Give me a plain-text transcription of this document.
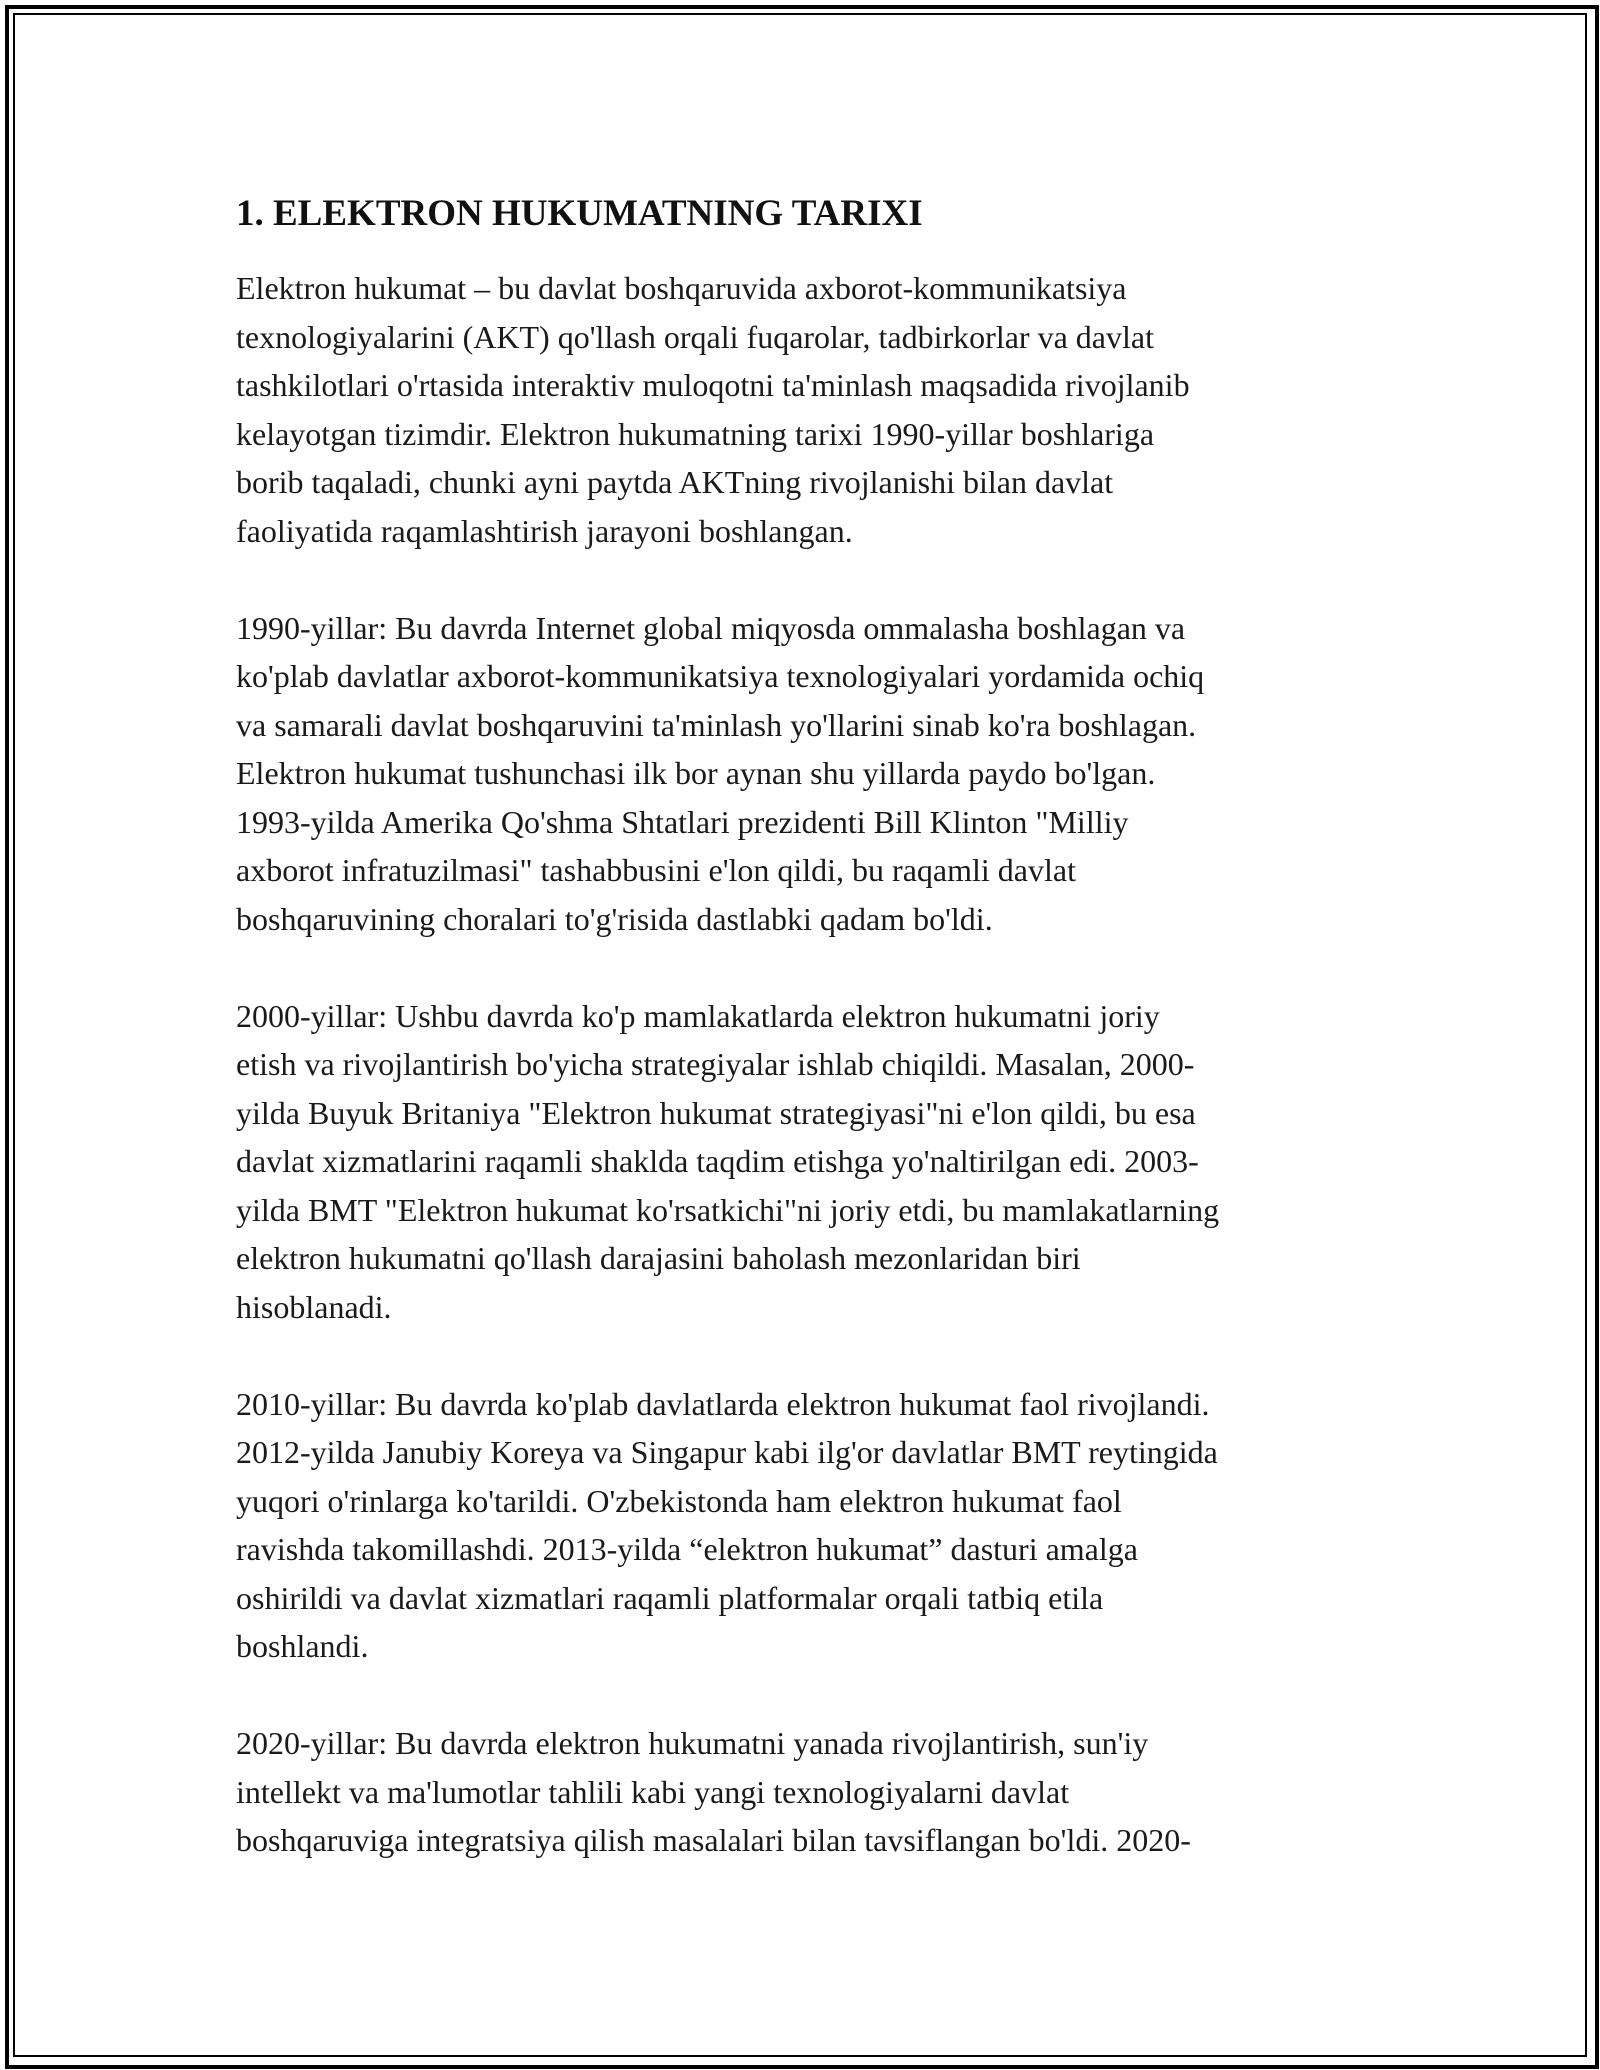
1. ELEKTRON HUKUMATNING TARIXI
Elektron hukumat – bu davlat boshqaruvida axborot-kommunikatsiya
texnologiyalarini (AKT) qo'llash orqali fuqarolar, tadbirkorlar va davlat
tashkilotlari o'rtasida interaktiv muloqotni ta'minlash maqsadida rivojlanib
kelayotgan tizimdir. Elektron hukumatning tarixi 1990-yillar boshlariga
borib taqaladi, chunki ayni paytda AKTning rivojlanishi bilan davlat
faoliyatida raqamlashtirish jarayoni boshlangan.
1990-yillar: Bu davrda Internet global miqyosda ommalasha boshlagan va
ko'plab davlatlar axborot-kommunikatsiya texnologiyalari yordamida ochiq
va samarali davlat boshqaruvini ta'minlash yo'llarini sinab ko'ra boshlagan.
Elektron hukumat tushunchasi ilk bor aynan shu yillarda paydo bo'lgan.
1993-yilda Amerika Qo'shma Shtatlari prezidenti Bill Klinton "Milliy
axborot infratuzilmasi" tashabbusini e'lon qildi, bu raqamli davlat
boshqaruvining choralari to'g'risida dastlabki qadam bo'ldi.
2000-yillar: Ushbu davrda ko'p mamlakatlarda elektron hukumatni joriy
etish va rivojlantirish bo'yicha strategiyalar ishlab chiqildi. Masalan, 2000-
yilda Buyuk Britaniya "Elektron hukumat strategiyasi"ni e'lon qildi, bu esa
davlat xizmatlarini raqamli shaklda taqdim etishga yo'naltirilgan edi. 2003-
yilda BMT "Elektron hukumat ko'rsatkichi"ni joriy etdi, bu mamlakatlarning
elektron hukumatni qo'llash darajasini baholash mezonlaridan biri
hisoblanadi.
2010-yillar: Bu davrda ko'plab davlatlarda elektron hukumat faol rivojlandi.
2012-yilda Janubiy Koreya va Singapur kabi ilg'or davlatlar BMT reytingida
yuqori o'rinlarga ko'tarildi. O'zbekistonda ham elektron hukumat faol
ravishda takomillashdi. 2013-yilda “elektron hukumat” dasturi amalga
oshirildi va davlat xizmatlari raqamli platformalar orqali tatbiq etila
boshlandi.
2020-yillar: Bu davrda elektron hukumatni yanada rivojlantirish, sun'iy
intellekt va ma'lumotlar tahlili kabi yangi texnologiyalarni davlat
boshqaruviga integratsiya qilish masalalari bilan tavsiflangan bo'ldi. 2020-
